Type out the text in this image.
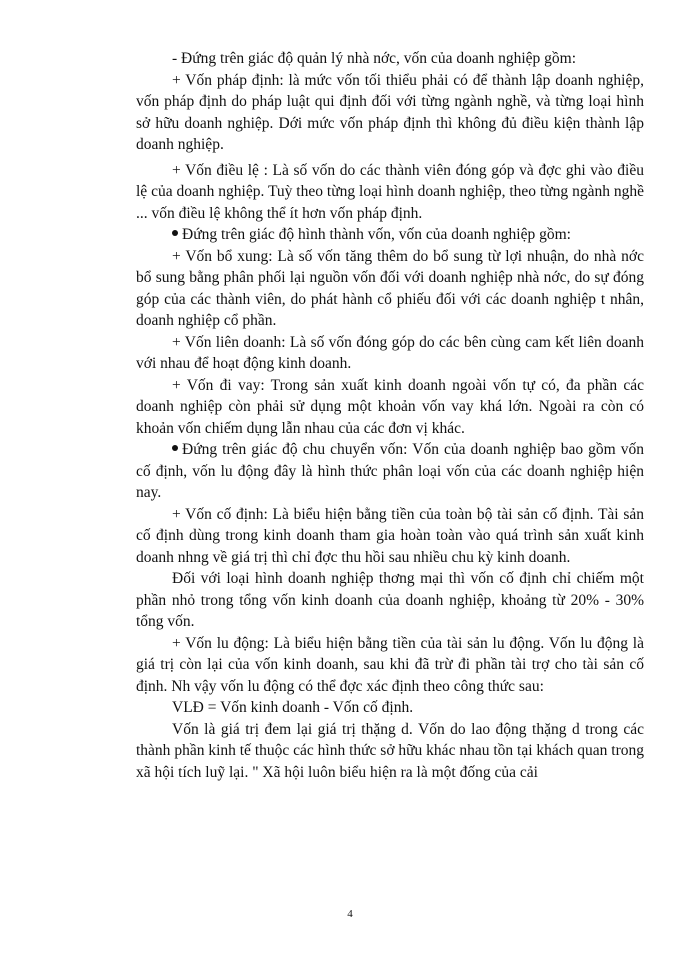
- Đứng trên giác độ quản lý nhà nớc, vốn của doanh nghiệp gồm:

+ Vốn pháp định: là mức vốn tối thiểu phải có để thành lập doanh nghiệp, vốn pháp định do pháp luật qui định đối với từng ngành nghề, và từng loại hình sở hữu doanh nghiệp. Dới mức vốn pháp định thì không đủ điều kiện thành lập doanh nghiệp.

+ Vốn điều lệ : Là số vốn do các thành viên đóng góp và đợc ghi vào điều lệ của doanh nghiệp. Tuỳ theo từng loại hình doanh nghiệp, theo từng ngành nghề ... vốn điều lệ không thể ít hơn vốn pháp định.

Đứng trên giác độ hình thành vốn, vốn của doanh nghiệp gồm:

+ Vốn bổ xung: Là số vốn tăng thêm do bổ sung từ lợi nhuận, do nhà nớc bổ sung bằng phân phối lại nguồn vốn đối với doanh nghiệp nhà nớc, do sự đóng góp của các thành viên, do phát hành cổ phiếu đối với các doanh nghiệp t nhân, doanh nghiệp cổ phần.

+ Vốn liên doanh: Là số vốn đóng góp do các bên cùng cam kết liên doanh với nhau để hoạt động kinh doanh.

+ Vốn đi vay: Trong sản xuất kinh doanh ngoài vốn tự có, đa phần các doanh nghiệp còn phải sử dụng một khoản vốn vay khá lớn. Ngoài ra còn có khoản vốn chiếm dụng lẫn nhau của các đơn vị khác.

Đứng trên giác độ chu chuyển vốn: Vốn của doanh nghiệp bao gồm vốn cố định, vốn lu động đây là hình thức phân loại vốn của các doanh nghiệp hiện nay.

+ Vốn cố định: Là biểu hiện bằng tiền của toàn bộ tài sản cố định. Tài sản cố định dùng trong kinh doanh tham gia hoàn toàn vào quá trình sản xuất kinh doanh nhng về giá trị thì chỉ đợc thu hồi sau nhiều chu kỳ kinh doanh.

Đối với loại hình doanh nghiệp thơng mại thì vốn cố định chỉ chiếm một phần nhỏ trong tổng vốn kinh doanh của doanh nghiệp, khoảng từ 20% - 30% tổng vốn.

+ Vốn lu động: Là biểu hiện bằng tiền của tài sản lu động. Vốn lu động là giá trị còn lại của vốn kinh doanh, sau khi đã trừ đi phần tài trợ cho tài sản cố định. Nh vậy vốn lu động có thể đợc xác định theo công thức sau:

VLĐ = Vốn kinh doanh - Vốn cố định.

Vốn là giá trị đem lại giá trị thặng d. Vốn do lao động thặng d trong các thành phần kinh tế thuộc các hình thức sở hữu khác nhau tồn tại khách quan trong xã hội tích luỹ lại. " Xã hội luôn biểu hiện ra là một đống của cải

4
